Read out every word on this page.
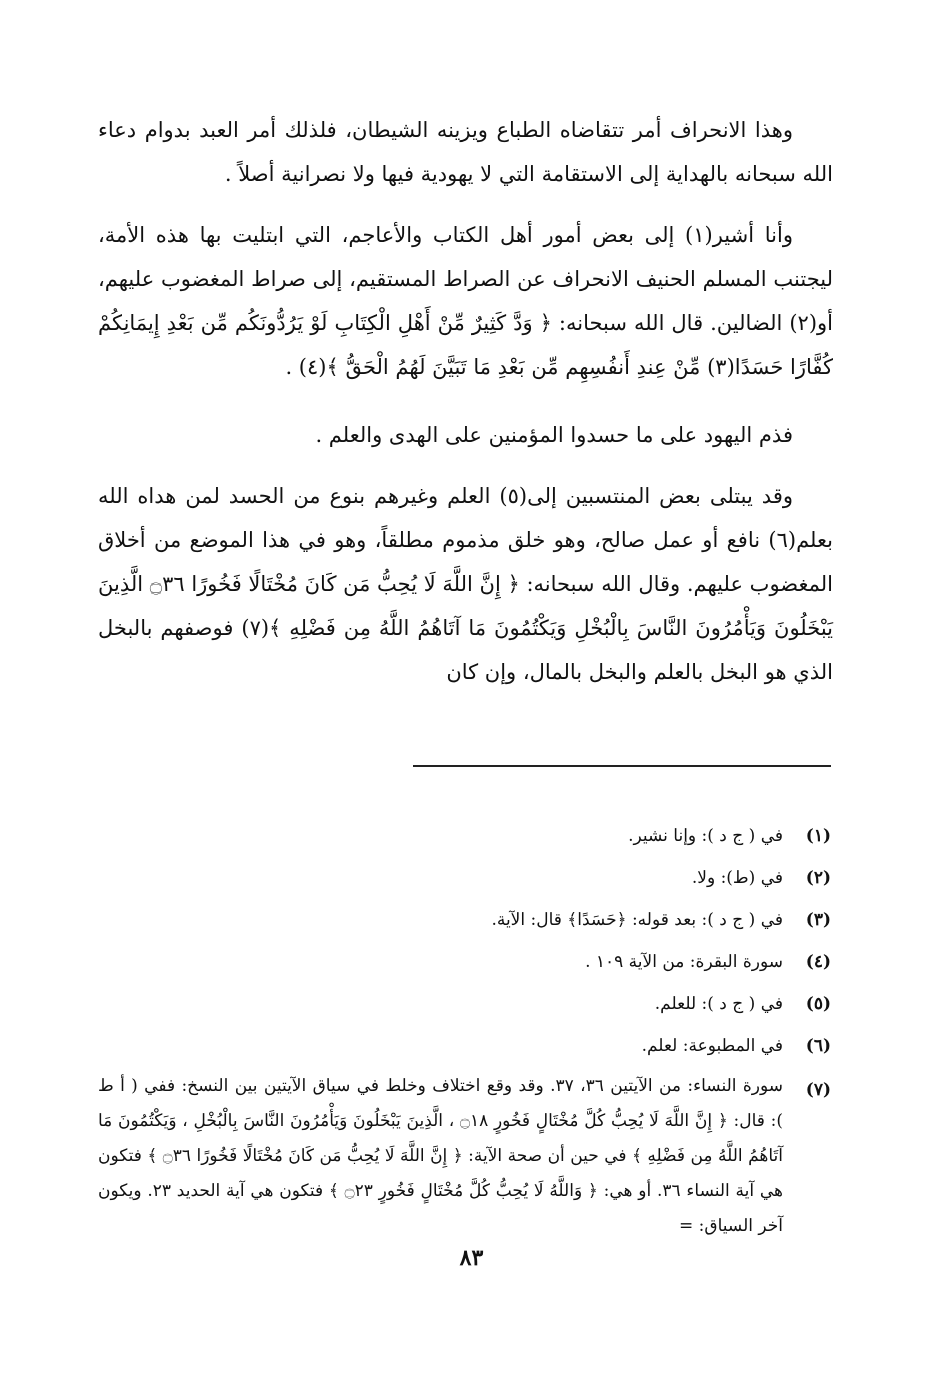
وهذا الانحراف أمر تتقاضاه الطباع ويزينه الشيطان، فلذلك أمر العبد بدوام دعاء الله سبحانه بالهداية إلى الاستقامة التي لا يهودية فيها ولا نصرانية أصلاً .

وأنا أشير(١) إلى بعض أمور أهل الكتاب والأعاجم، التي ابتليت بها هذه الأمة، ليجتنب المسلم الحنيف الانحراف عن الصراط المستقيم، إلى صراط المغضوب عليهم، أو(٢) الضالين. قال الله سبحانه: ﴿ وَدَّ كَثِيرٌ مِّنْ أَهْلِ الْكِتَابِ لَوْ يَرُدُّونَكُم مِّن بَعْدِ إِيمَانِكُمْ كُفَّارًا حَسَدًا(٣) مِّنْ عِندِ أَنفُسِهِم مِّن بَعْدِ مَا تَبَيَّنَ لَهُمُ الْحَقُّ ﴾(٤) .

فذم اليهود على ما حسدوا المؤمنين على الهدى والعلم .

وقد يبتلى بعض المنتسبين إلى(٥) العلم وغيرهم بنوع من الحسد لمن هداه الله بعلم(٦) نافع أو عمل صالح، وهو خلق مذموم مطلقاً، وهو في هذا الموضع من أخلاق المغضوب عليهم. وقال الله سبحانه: ﴿ إِنَّ اللَّهَ لَا يُحِبُّ مَن كَانَ مُخْتَالًا فَخُورًا ۝٣٦ الَّذِينَ يَبْخَلُونَ وَيَأْمُرُونَ النَّاسَ بِالْبُخْلِ وَيَكْتُمُونَ مَا آتَاهُمُ اللَّهُ مِن فَضْلِهِ ﴾(٧) فوصفهم بالبخل الذي هو البخل بالعلم والبخل بالمال، وإن كان

(١)
في ( ج د ): وإنا نشير.
(٢)
في (ط): ولا.
(٣)
في ( ج د ): بعد قوله: ﴿حَسَدًا﴾ قال: الآية.
(٤)
سورة البقرة: من الآية ١٠٩ .
(٥)
في ( ج د ): للعلم.
(٦)
في المطبوعة: لعلم.
(٧)
سورة النساء: من الآيتين ٣٦، ٣٧. وقد وقع اختلاف وخلط في سياق الآيتين بين النسخ: ففي ( أ ط ): قال: ﴿ إِنَّ اللَّهَ لَا يُحِبُّ كُلَّ مُخْتَالٍ فَخُورٍ ۝١٨ ، الَّذِينَ يَبْخَلُونَ وَيَأْمُرُونَ النَّاسَ بِالْبُخْلِ ، وَيَكْتُمُونَ مَا آتَاهُمُ اللَّهُ مِن فَضْلِهِ ﴾ في حين أن صحة الآية: ﴿ إِنَّ اللَّهَ لَا يُحِبُّ مَن كَانَ مُخْتَالًا فَخُورًا ۝٣٦ ﴾ فتكون هي آية النساء ٣٦. أو هي: ﴿ وَاللَّهُ لَا يُحِبُّ كُلَّ مُخْتَالٍ فَخُورٍ ۝٢٣ ﴾ فتكون هي آية الحديد ٢٣. ويكون آخر السياق: =
٨٣
